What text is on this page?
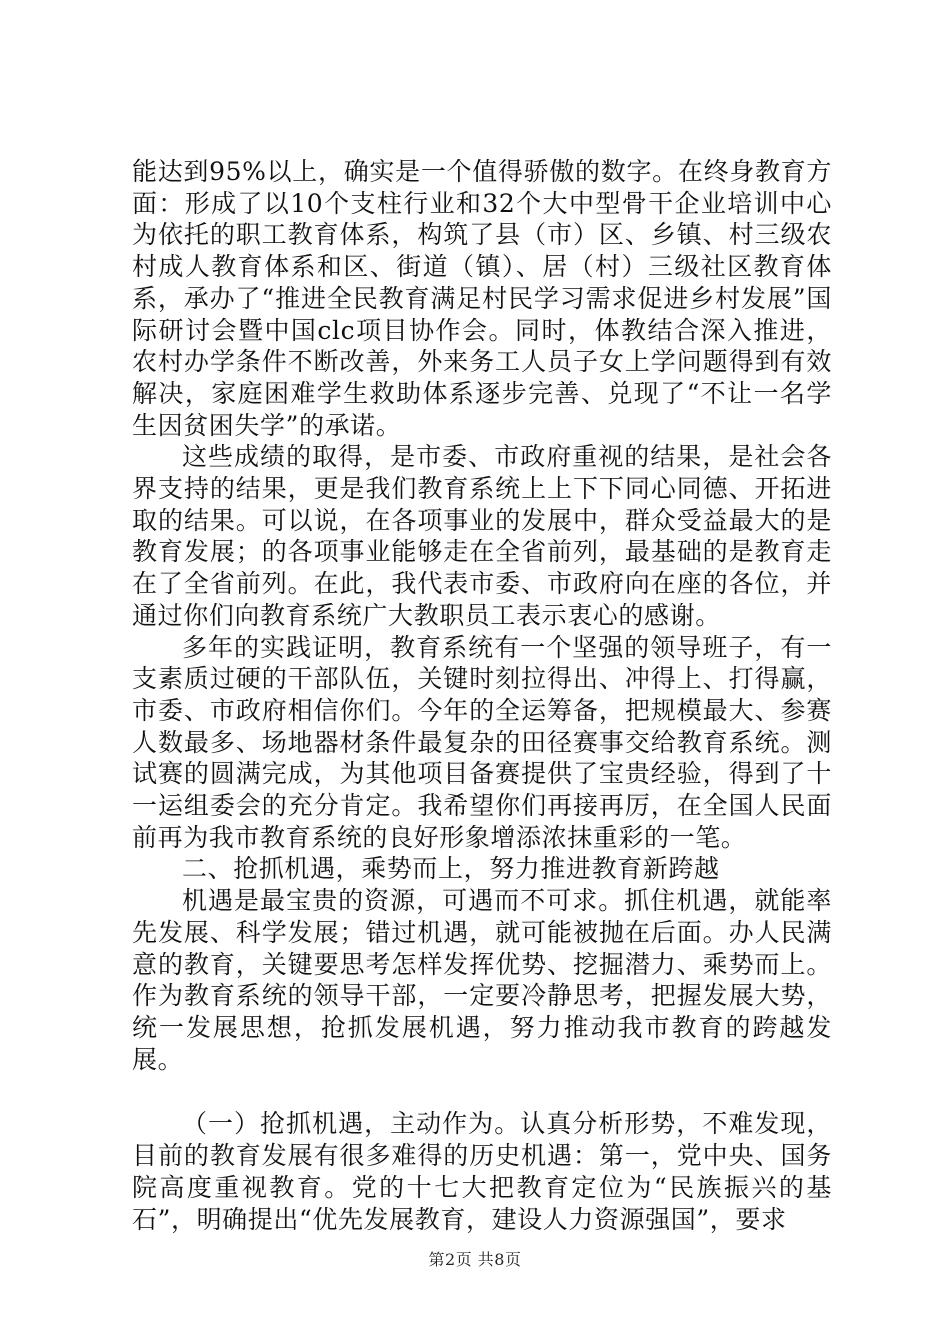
能达到95%以上，确实是一个值得骄傲的数字。在终身教育方面：形成了以10个支柱行业和32个大中型骨干企业培训中心为依托的职工教育体系，构筑了县（市）区、乡镇、村三级农村成人教育体系和区、街道（镇）、居（村）三级社区教育体系，承办了“推进全民教育满足村民学习需求促进乡村发展”国际研讨会暨中国clc项目协作会。同时，体教结合深入推进，农村办学条件不断改善，外来务工人员子女上学问题得到有效解决，家庭困难学生救助体系逐步完善、兑现了“不让一名学生因贫困失学”的承诺。

这些成绩的取得，是市委、市政府重视的结果，是社会各界支持的结果，更是我们教育系统上上下下同心同德、开拓进取的结果。可以说，在各项事业的发展中，群众受益最大的是教育发展；的各项事业能够走在全省前列，最基础的是教育走在了全省前列。在此，我代表市委、市政府向在座的各位，并通过你们向教育系统广大教职员工表示衷心的感谢。

多年的实践证明，教育系统有一个坚强的领导班子，有一支素质过硬的干部队伍，关键时刻拉得出、冲得上、打得赢，市委、市政府相信你们。今年的全运筹备，把规模最大、参赛人数最多、场地器材条件最复杂的田径赛事交给教育系统。测试赛的圆满完成，为其他项目备赛提供了宝贵经验，得到了十一运组委会的充分肯定。我希望你们再接再厉，在全国人民面前再为我市教育系统的良好形象增添浓抹重彩的一笔。

二、抢抓机遇，乘势而上，努力推进教育新跨越

机遇是最宝贵的资源，可遇而不可求。抓住机遇，就能率先发展、科学发展；错过机遇，就可能被抛在后面。办人民满意的教育，关键要思考怎样发挥优势、挖掘潜力、乘势而上。作为教育系统的领导干部，一定要冷静思考，把握发展大势，统一发展思想，抢抓发展机遇，努力推动我市教育的跨越发展。

（一）抢抓机遇，主动作为。认真分析形势，不难发现，目前的教育发展有很多难得的历史机遇：第一，党中央、国务院高度重视教育。党的十七大把教育定位为“民族振兴的基石”，明确提出“优先发展教育，建设人力资源强国”，要求

第2页 共8页
